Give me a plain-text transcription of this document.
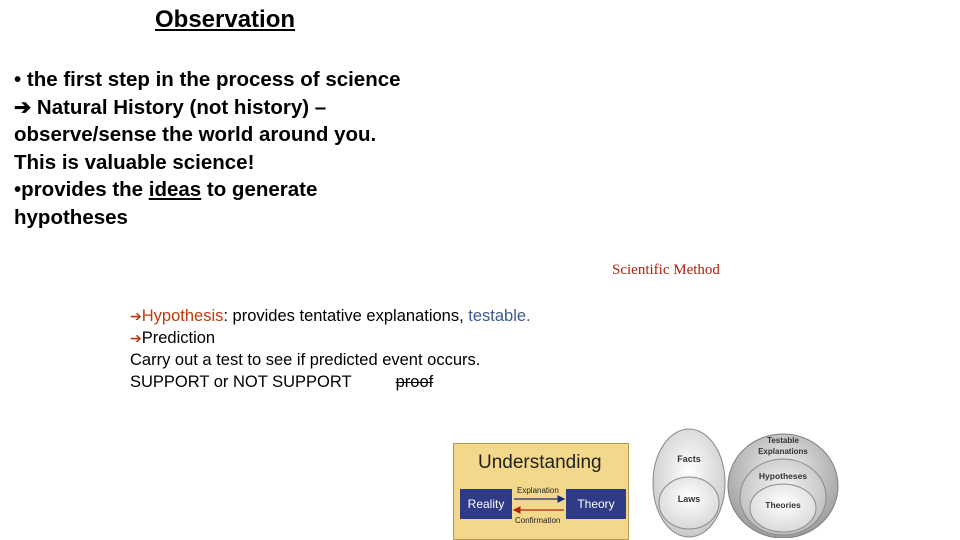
Observation
• the first step in the process of science
➔ Natural History (not history) –
observe/sense the world around you.
This is valuable science!
•provides the ideas to generate
hypotheses
Scientific Method
➔Hypothesis: provides tentative explanations, testable.
➔Prediction
Carry out a test to see if predicted event occurs.
SUPPORT or NOT SUPPORT	proof
Understanding
Reality	Theory
Explanation
Confirmation
Facts
Laws
Testable
Explanations
Hypotheses
Theories
